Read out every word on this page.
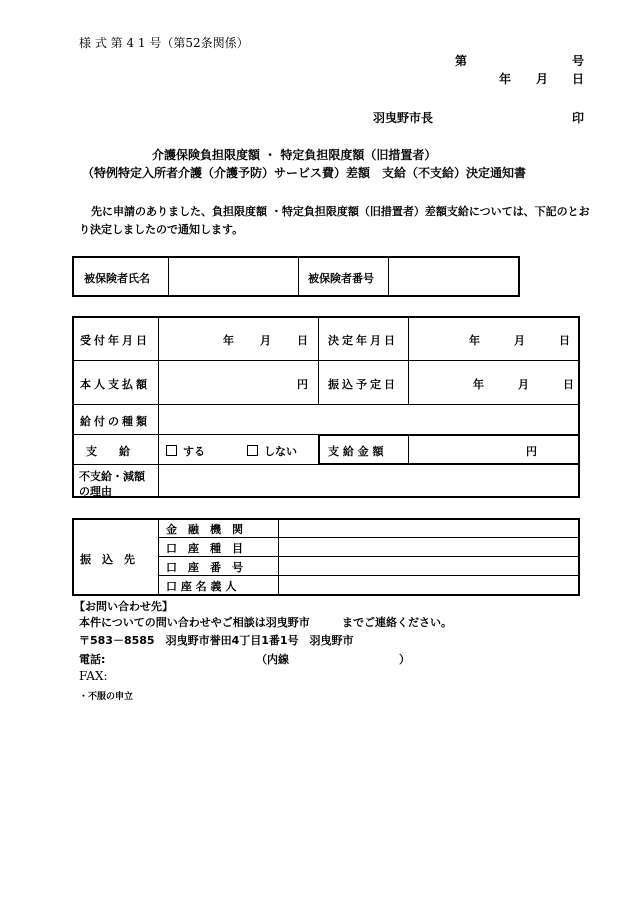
様 式 第 4 1 号（第52条関係）
第	号
年 月 日
羽曳野市長	印
介護保険負担限度額 ・ 特定負担限度額（旧措置者）
（特例特定入所者介護（介護予防）サービス費）差額　支給（不支給）決定通知書
先に申請のありました、負担限度額 ・特定負担限度額（旧措置者）差額支給については、下記のとお
り決定しましたので通知します。
被保険者氏名	被保険者番号
受付年月日	年 月 日 決定年月日	年	月	日
本人支払額	円 振込予定日	年	月	日
給付の種類
支　　給	する	しない	支 給 金 額	円
不支給・減額
の理由
振　込　先
金　融　機　関
口　座　種　目
口　座　番　号
口 座 名 義 人
【お問い合わせ先】
本件についての問い合わせやご相談は羽曳野市	までご連絡ください。
〒583－8585　羽曳野市誉田4丁目1番1号　羽曳野市
電話:	（内線	）
FAX:
・不服の申立
